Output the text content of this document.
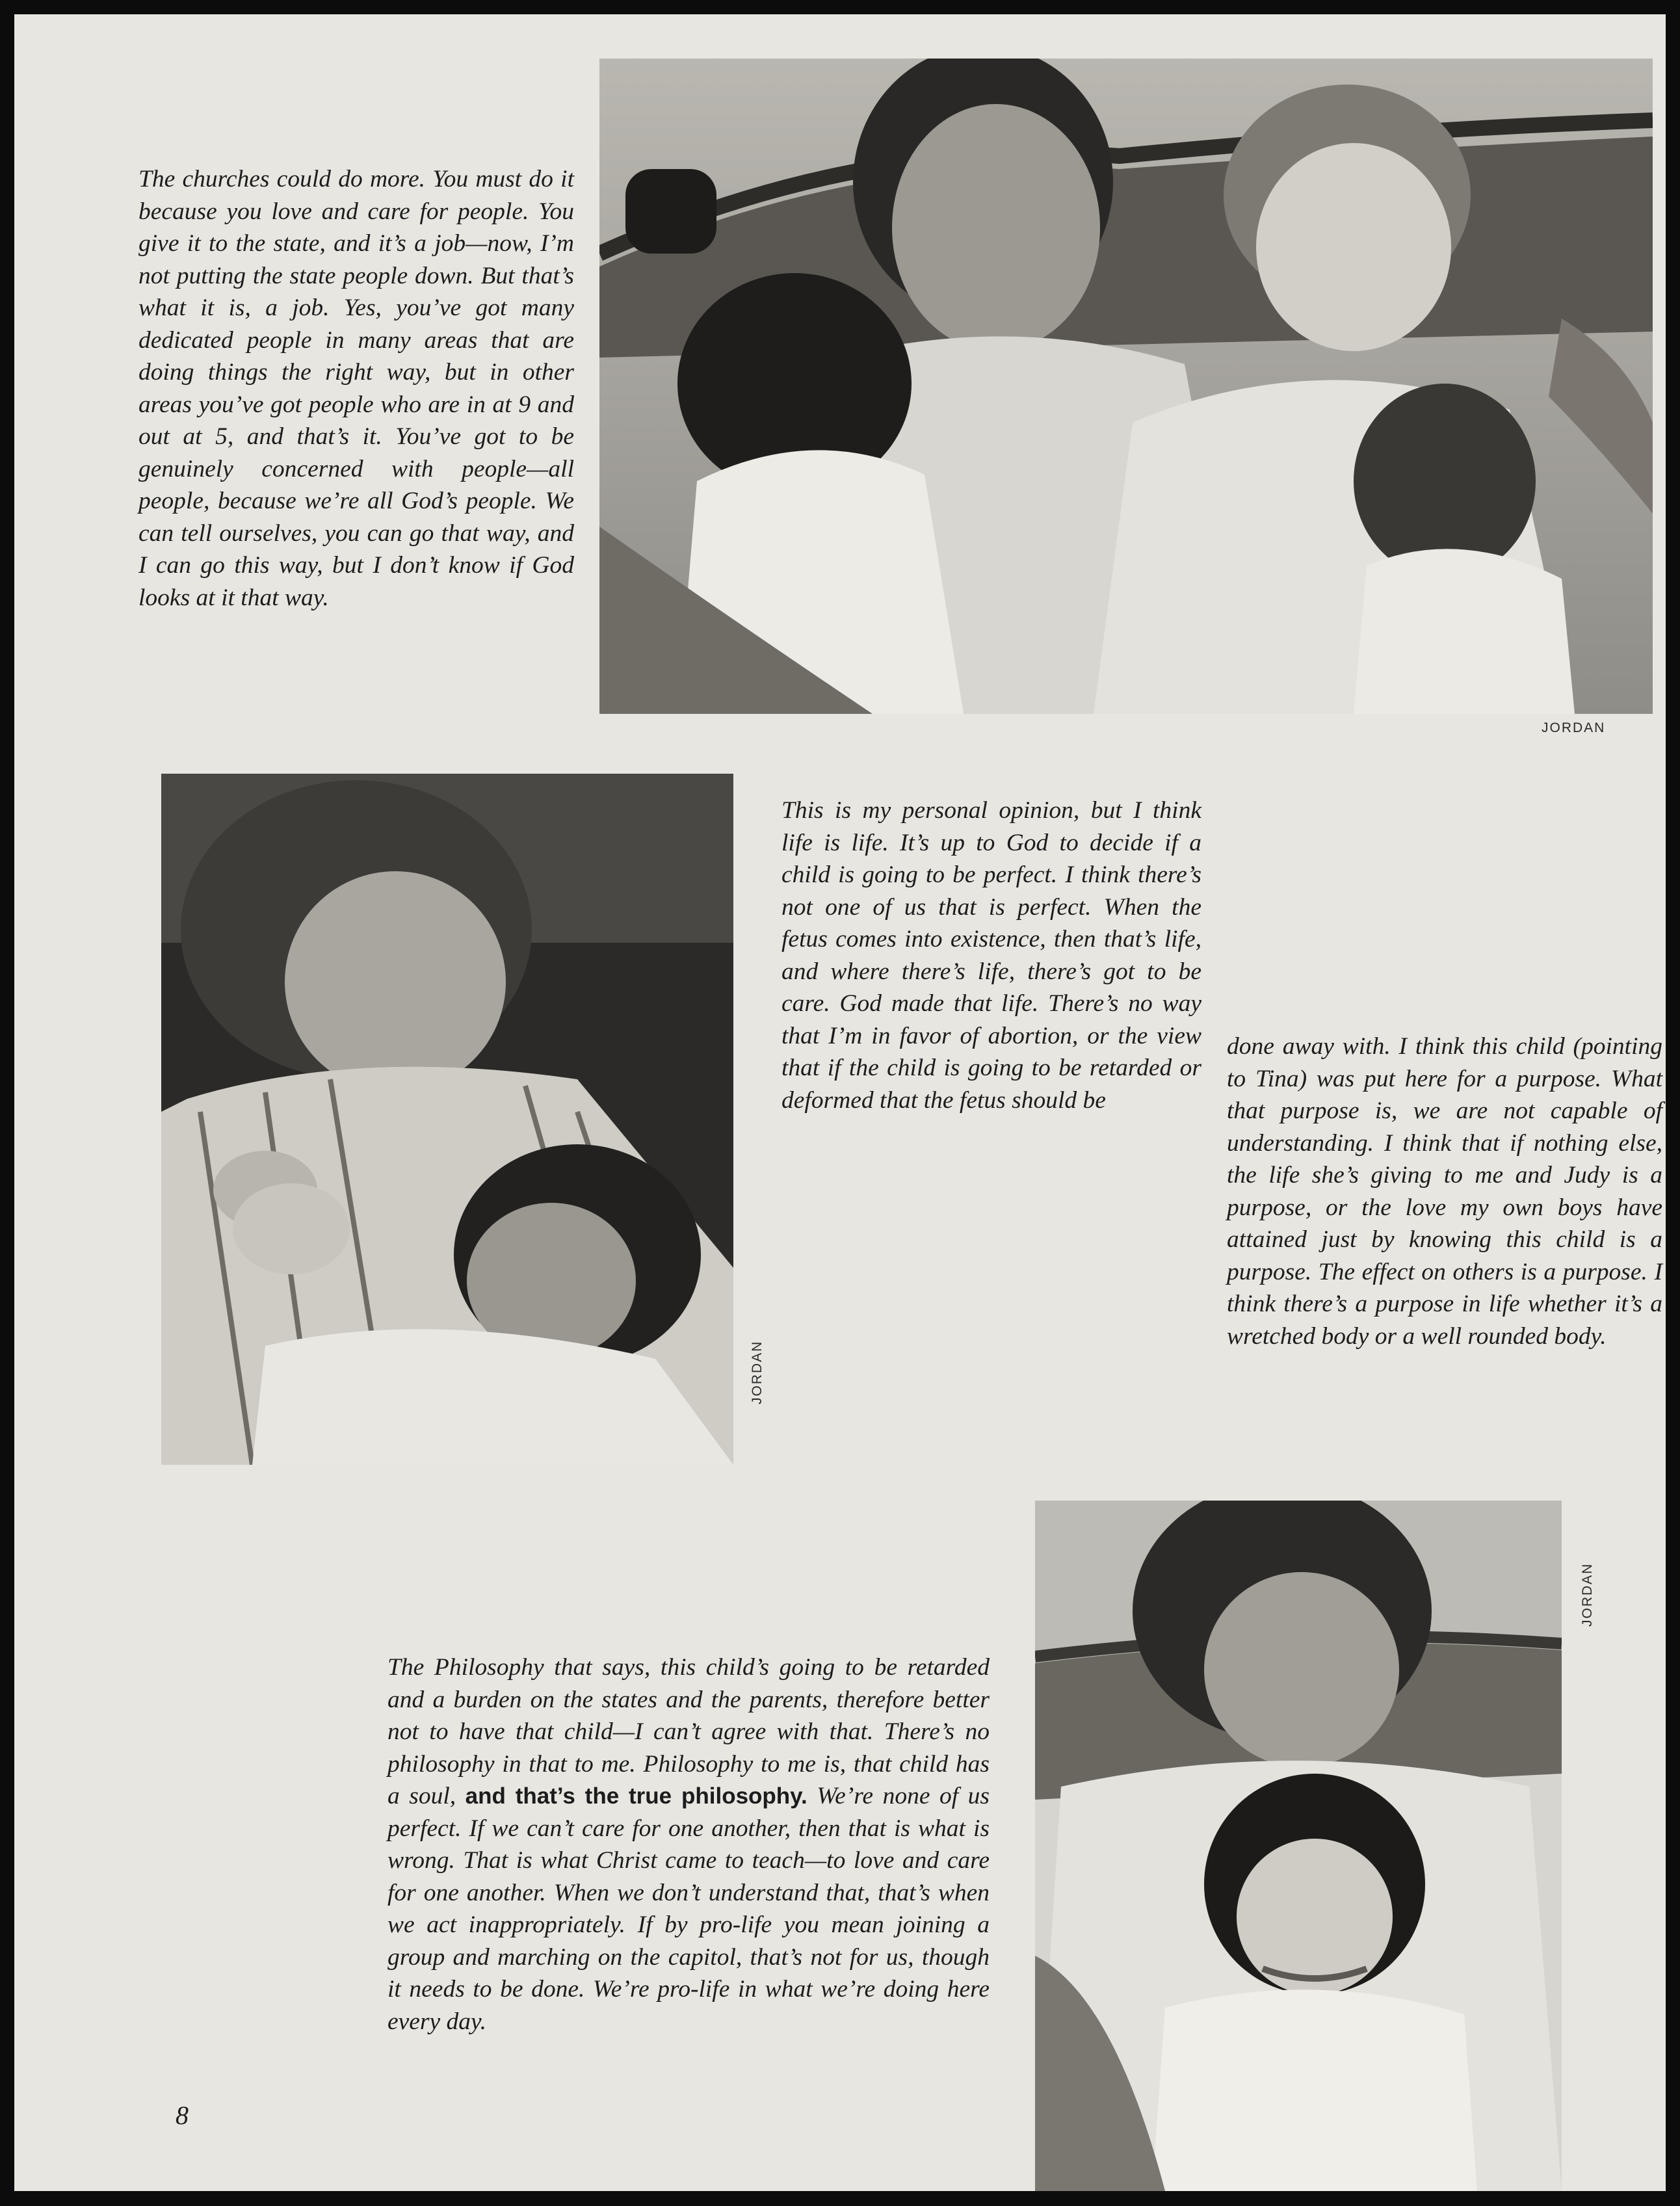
The churches could do more. You must do it because you love and care for people. You give it to the state, and it’s a job—now, I’m not putting the state people down. But that’s what it is, a job. Yes, you’ve got many dedicated people in many areas that are doing things the right way, but in other areas you’ve got people who are in at 9 and out at 5, and that’s it. You’ve got to be genuinely concerned with people—all people, because we’re all God’s people. We can tell ourselves, you can go that way, and I can go this way, but I don’t know if God looks at it that way.

JORDAN
JORDAN

This is my personal opinion, but I think life is life. It’s up to God to decide if a child is going to be perfect. I think there’s not one of us that is perfect. When the fetus comes into existence, then that’s life, and where there’s life, there’s got to be care. God made that life. There’s no way that I’m in favor of abortion, or the view that if the child is going to be retarded or deformed that the fetus should be

done away with. I think this child (pointing to Tina) was put here for a purpose. What that purpose is, we are not capable of understanding. I think that if nothing else, the life she’s giving to me and Judy is a purpose, or the love my own boys have attained just by knowing this child is a purpose. The effect on others is a purpose. I think there’s a purpose in life whether it’s a wretched body or a well rounded body.

The Philosophy that says, this child’s going to be retarded and a burden on the states and the parents, therefore better not to have that child—I can’t agree with that. There’s no philosophy in that to me. Philosophy to me is, that child has a soul, and that’s the true philosophy. We’re none of us perfect. If we can’t care for one another, then that is what is wrong. That is what Christ came to teach—to love and care for one another. When we don’t understand that, that’s when we act inappropriately. If by pro-life you mean joining a group and marching on the capitol, that’s not for us, though it needs to be done. We’re pro-life in what we’re doing here every day.

JORDAN
8
